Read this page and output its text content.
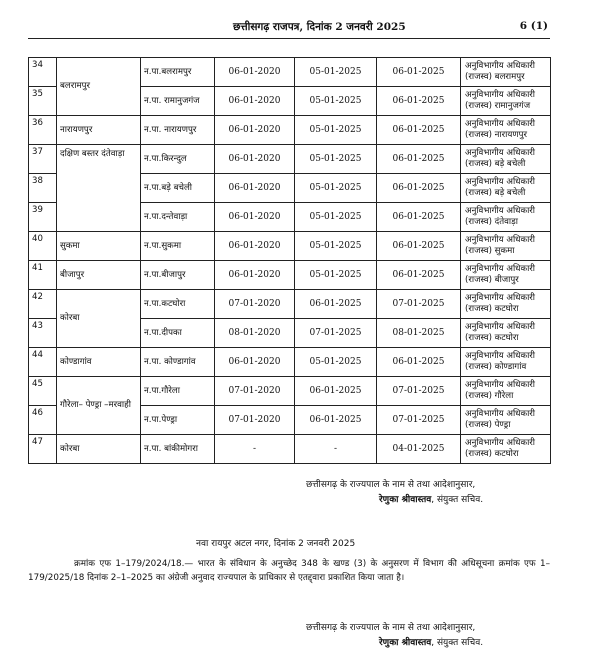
छत्तीसगढ़ राजपत्र, दिनांक 2 जनवरी 2025	6 (1)
34	बलरामपुर	न.पा.बलरामपुर	06-01-2020	05-01-2025	06-01-2025	अनुविभागीय अधिकारी (राजस्व) बलरामपुर
35		न.पा. रामानुजगंज	06-01-2020	05-01-2025	06-01-2025	अनुविभागीय अधिकारी (राजस्व) रामानुजगंज
36	नारायणपुर	न.पा. नारायणपुर	06-01-2020	05-01-2025	06-01-2025	अनुविभागीय अधिकारी (राजस्व) नारायणपुर
37	दक्षिण बस्तर दंतेवाड़ा	न.पा.किरन्दुल	06-01-2020	05-01-2025	06-01-2025	अनुविभागीय अधिकारी (राजस्व) बड़े बचेली
38		न.पा.बड़े बचेली	06-01-2020	05-01-2025	06-01-2025	अनुविभागीय अधिकारी (राजस्व) बड़े बचेली
39		न.पा.दन्तेवाड़ा	06-01-2020	05-01-2025	06-01-2025	अनुविभागीय अधिकारी (राजस्व) दंतेवाड़ा
40	सुकमा	न.पा.सुकमा	06-01-2020	05-01-2025	06-01-2025	अनुविभागीय अधिकारी (राजस्व) सुकमा
41	बीजापुर	न.पा.बीजापुर	06-01-2020	05-01-2025	06-01-2025	अनुविभागीय अधिकारी (राजस्व) बीजापुर
42	कोरबा	न.पा.कटघोरा	07-01-2020	06-01-2025	07-01-2025	अनुविभागीय अधिकारी (राजस्व) कटघोरा
43		न.पा.दीपका	08-01-2020	07-01-2025	08-01-2025	अनुविभागीय अधिकारी (राजस्व) कटघोरा
44	कोण्डागांव	न.पा. कोण्डागांव	06-01-2020	05-01-2025	06-01-2025	अनुविभागीय अधिकारी (राजस्व) कोण्डागांव
45	गौरेला– पेण्ड्रा –मरवाही	न.पा.गौरेला	07-01-2020	06-01-2025	07-01-2025	अनुविभागीय अधिकारी (राजस्व) गौरेला
46		न.पा.पेण्ड्रा	07-01-2020	06-01-2025	07-01-2025	अनुविभागीय अधिकारी (राजस्व) पेण्ड्रा
47	कोरबा	न.पा. बांकीमोगरा	-	-	04-01-2025	अनुविभागीय अधिकारी (राजस्व) कटघोरा
छत्तीसगढ़ के राज्यपाल के नाम से तथा आदेशानुसार,
रेणुका श्रीवास्तव, संयुक्त सचिव.
नवा रायपुर अटल नगर, दिनांक 2 जनवरी 2025
क्रमांक एफ 1–179/2024/18.— भारत के संविधान के अनुच्छेद 348 के खण्ड (3) के अनुसरण में विभाग की अधिसूचना क्रमांक एफ 1–179/2025/18 दिनांक 2–1–2025 का अंग्रेजी अनुवाद राज्यपाल के प्राधिकार से एतद्द्वारा प्रकाशित किया जाता है।
छत्तीसगढ़ के राज्यपाल के नाम से तथा आदेशानुसार,
रेणुका श्रीवास्तव, संयुक्त सचिव.
